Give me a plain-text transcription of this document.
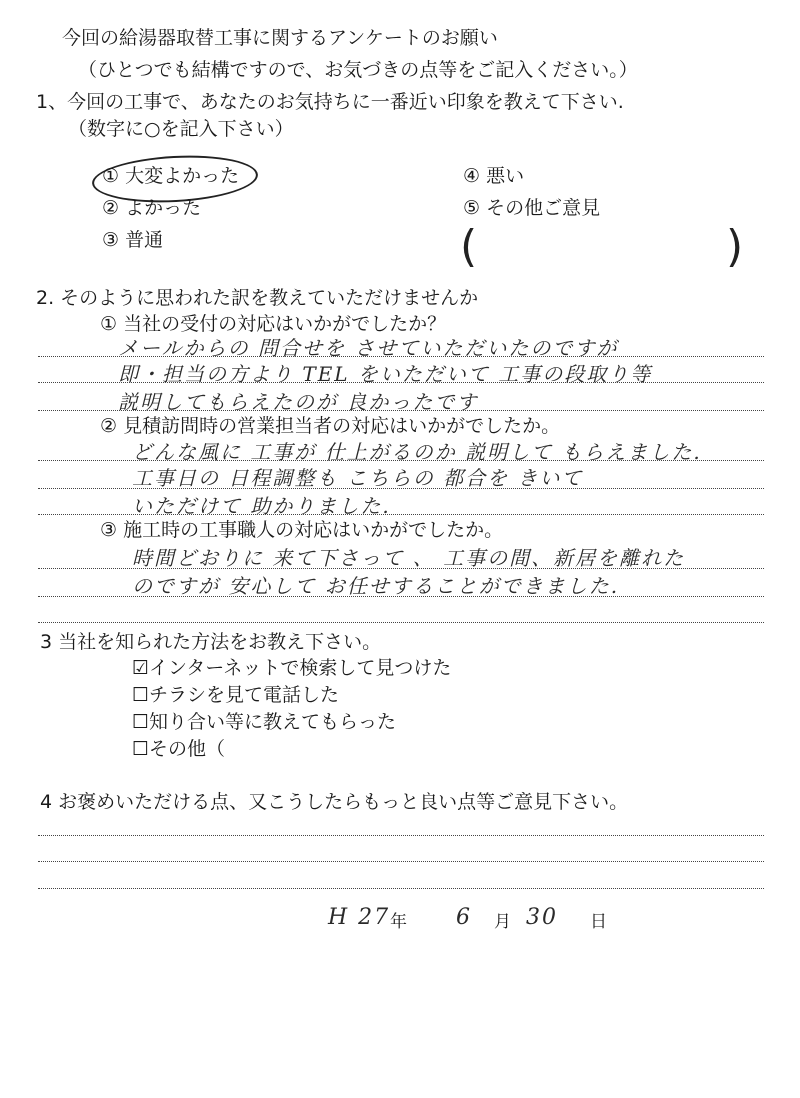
今回の給湯器取替工事に関するアンケートのお願い
（ひとつでも結構ですので、お気づきの点等をご記入ください。）
1、今回の工事で、あなたのお気持ちに一番近い印象を教えて下さい.
（数字に○を記入下さい）
① 大変よかった
② よかった
③ 普通
④ 悪い
⑤ その他ご意見
(	)
2. そのように思われた訳を教えていただけませんか
① 当社の受付の対応はいかがでしたか？
メールからの 問合せを させていただいたのですが
即・担当の方より TEL をいただいて 工事の段取り等
説明してもらえたのが 良かったです
② 見積訪問時の営業担当者の対応はいかがでしたか。
どんな風に 工事が 仕上がるのか 説明して もらえました.
工事日の 日程調整も こちらの 都合を きいて
いただけて 助かりました.
③ 施工時の工事職人の対応はいかがでしたか。
時間どおりに 来て下さって 、 工事の間、新居を離れた
のですが 安心して お任せすることができました.
3 当社を知られた方法をお教え下さい。
☑インターネットで検索して見つけた
☐チラシを見て電話した
☐知り合い等に教えてもらった
☐その他（
4 お褒めいただける点、又こうしたらもっと良い点等ご意見下さい。
H 27 年 6 月 30 日
